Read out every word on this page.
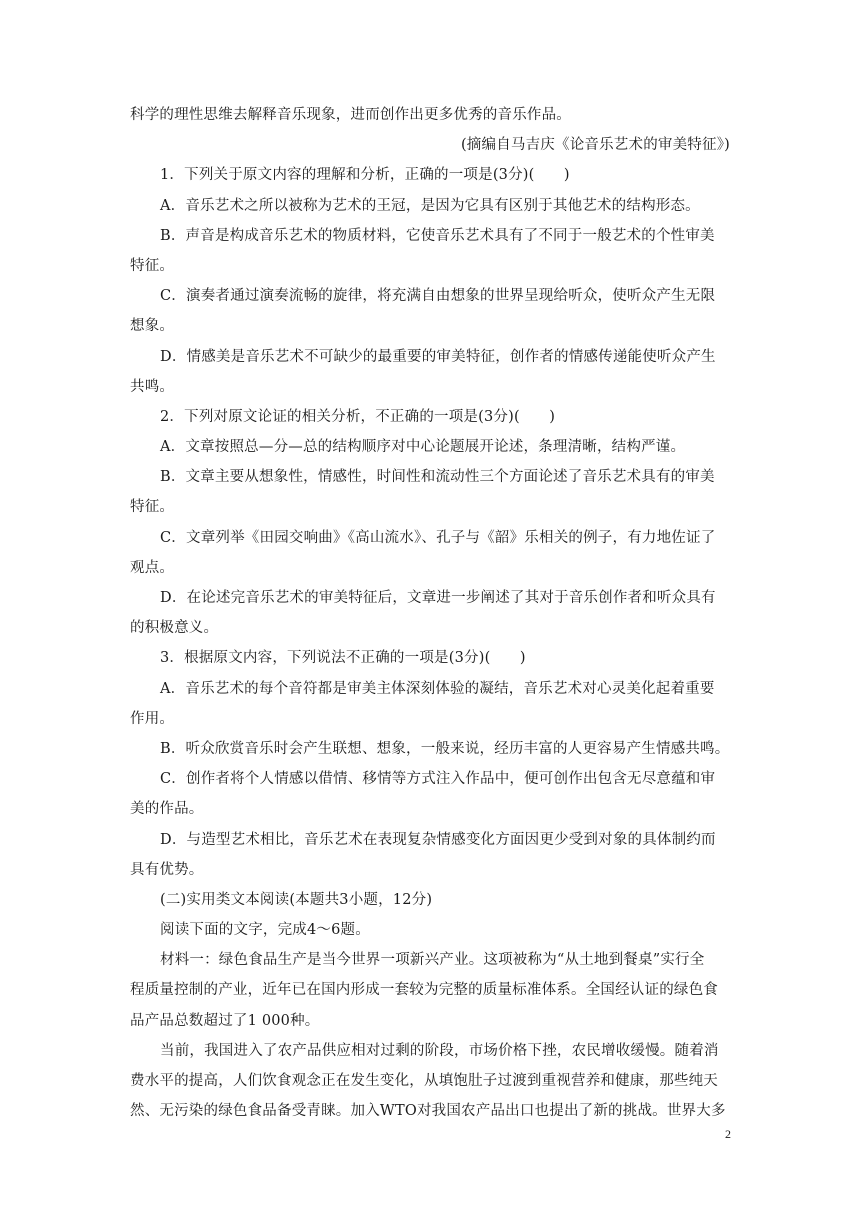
科学的理性思维去解释音乐现象，进而创作出更多优秀的音乐作品。
(摘编自马吉庆《论音乐艺术的审美特征》)
1．下列关于原文内容的理解和分析，正确的一项是(3分)(　　)
A．音乐艺术之所以被称为艺术的王冠，是因为它具有区别于其他艺术的结构形态。
B．声音是构成音乐艺术的物质材料，它使音乐艺术具有了不同于一般艺术的个性审美
特征。
C．演奏者通过演奏流畅的旋律，将充满自由想象的世界呈现给听众，使听众产生无限
想象。
D．情感美是音乐艺术不可缺少的最重要的审美特征，创作者的情感传递能使听众产生
共鸣。
2．下列对原文论证的相关分析，不正确的一项是(3分)(　　)
A．文章按照总—分—总的结构顺序对中心论题展开论述，条理清晰，结构严谨。
B．文章主要从想象性，情感性，时间性和流动性三个方面论述了音乐艺术具有的审美
特征。
C．文章列举《田园交响曲》《高山流水》、孔子与《韶》乐相关的例子，有力地佐证了
观点。
D．在论述完音乐艺术的审美特征后，文章进一步阐述了其对于音乐创作者和听众具有
的积极意义。
3．根据原文内容，下列说法不正确的一项是(3分)(　　)
A．音乐艺术的每个音符都是审美主体深刻体验的凝结，音乐艺术对心灵美化起着重要
作用。
B．听众欣赏音乐时会产生联想、想象，一般来说，经历丰富的人更容易产生情感共鸣。
C．创作者将个人情感以借情、移情等方式注入作品中，便可创作出包含无尽意蕴和审
美的作品。
D．与造型艺术相比，音乐艺术在表现复杂情感变化方面因更少受到对象的具体制约而
具有优势。
(二)实用类文本阅读(本题共3小题，12分)
阅读下面的文字，完成4～6题。
材料一：绿色食品生产是当今世界一项新兴产业。这项被称为“从土地到餐桌”实行全
程质量控制的产业，近年已在国内形成一套较为完整的质量标准体系。全国经认证的绿色食
品产品总数超过了1 000种。
当前，我国进入了农产品供应相对过剩的阶段，市场价格下挫，农民增收缓慢。随着消
费水平的提高，人们饮食观念正在发生变化，从填饱肚子过渡到重视营养和健康，那些纯天
然、无污染的绿色食品备受青睐。加入WTO对我国农产品出口也提出了新的挑战。世界大多
2
